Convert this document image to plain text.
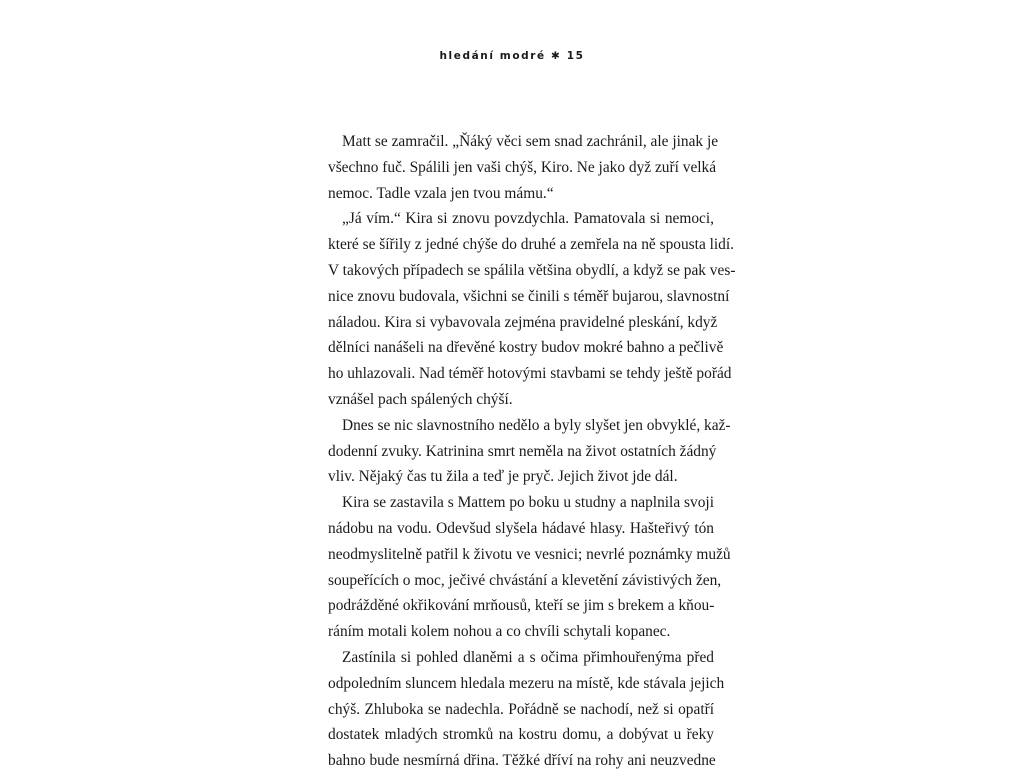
hledání modré ✱ 15
Matt se zamračil. „Ňáký věci sem snad zachránil, ale jinak je
všechno fuč. Spálili jen vaši chýš, Kiro. Ne jako dyž zuří velká
nemoc. Tadle vzala jen tvou mámu.“
„Já vím.“ Kira si znovu povzdychla. Pamatovala si nemoci,
které se šířily z jedné chýše do druhé a zemřela na ně spousta lidí.
V takových případech se spálila většina obydlí, a když se pak ves-
nice znovu budovala, všichni se činili s téměř bujarou, slavnostní
náladou. Kira si vybavovala zejména pravidelné pleskání, když
dělníci nanášeli na dřevěné kostry budov mokré bahno a pečlivě
ho uhlazovali. Nad téměř hotovými stavbami se tehdy ještě pořád
vznášel pach spálených chýší.
Dnes se nic slavnostního nedělo a byly slyšet jen obvyklé, kaž-
dodenní zvuky. Katrinina smrt neměla na život ostatních žádný
vliv. Nějaký čas tu žila a teď je pryč. Jejich život jde dál.
Kira se zastavila s Mattem po boku u studny a naplnila svoji
nádobu na vodu. Odevšud slyšela hádavé hlasy. Hašteřivý tón
neodmyslitelně patřil k životu ve vesnici; nevrlé poznámky mužů
soupeřících o moc, ječivé chvástání a klevetění závistivých žen,
podrážděné okřikování mrňousů, kteří se jim s brekem a kňou-
ráním motali kolem nohou a co chvíli schytali kopanec.
Zastínila si pohled dlaněmi a s očima přimhouřenýma před
odpoledním sluncem hledala mezeru na místě, kde stávala jejich
chýš. Zhluboka se nadechla. Pořádně se nachodí, než si opatří
dostatek mladých stromků na kostru domu, a dobývat u řeky
bahno bude nesmírná dřina. Těžké dříví na rohy ani neuzvedne
